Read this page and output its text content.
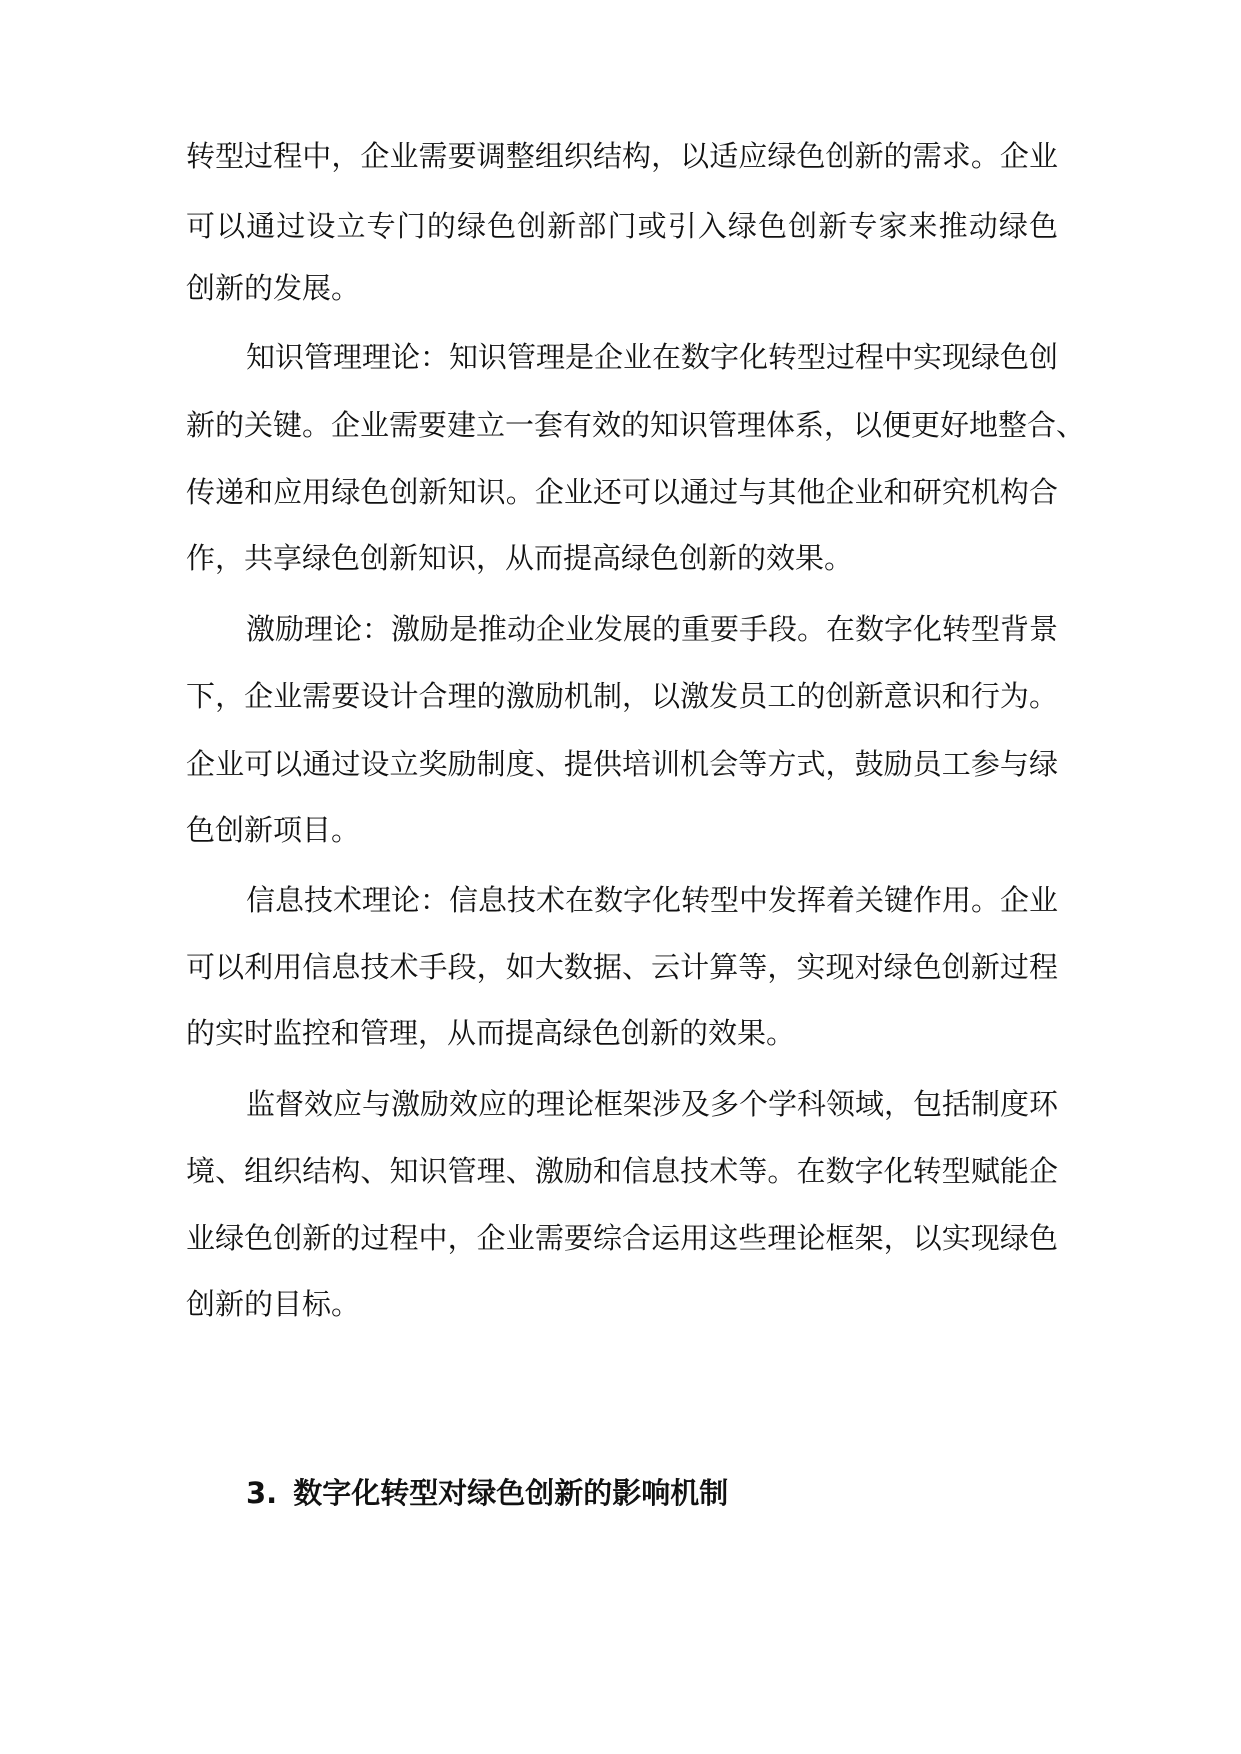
转型过程中，企业需要调整组织结构，以适应绿色创新的需求。企业
可以通过设立专门的绿色创新部门或引入绿色创新专家来推动绿色
创新的发展。
知识管理理论：知识管理是企业在数字化转型过程中实现绿色创
新的关键。企业需要建立一套有效的知识管理体系，以便更好地整合、
传递和应用绿色创新知识。企业还可以通过与其他企业和研究机构合
作，共享绿色创新知识，从而提高绿色创新的效果。
激励理论：激励是推动企业发展的重要手段。在数字化转型背景
下，企业需要设计合理的激励机制，以激发员工的创新意识和行为。
企业可以通过设立奖励制度、提供培训机会等方式，鼓励员工参与绿
色创新项目。
信息技术理论：信息技术在数字化转型中发挥着关键作用。企业
可以利用信息技术手段，如大数据、云计算等，实现对绿色创新过程
的实时监控和管理，从而提高绿色创新的效果。
监督效应与激励效应的理论框架涉及多个学科领域，包括制度环
境、组织结构、知识管理、激励和信息技术等。在数字化转型赋能企
业绿色创新的过程中，企业需要综合运用这些理论框架，以实现绿色
创新的目标。
3. 数字化转型对绿色创新的影响机制
